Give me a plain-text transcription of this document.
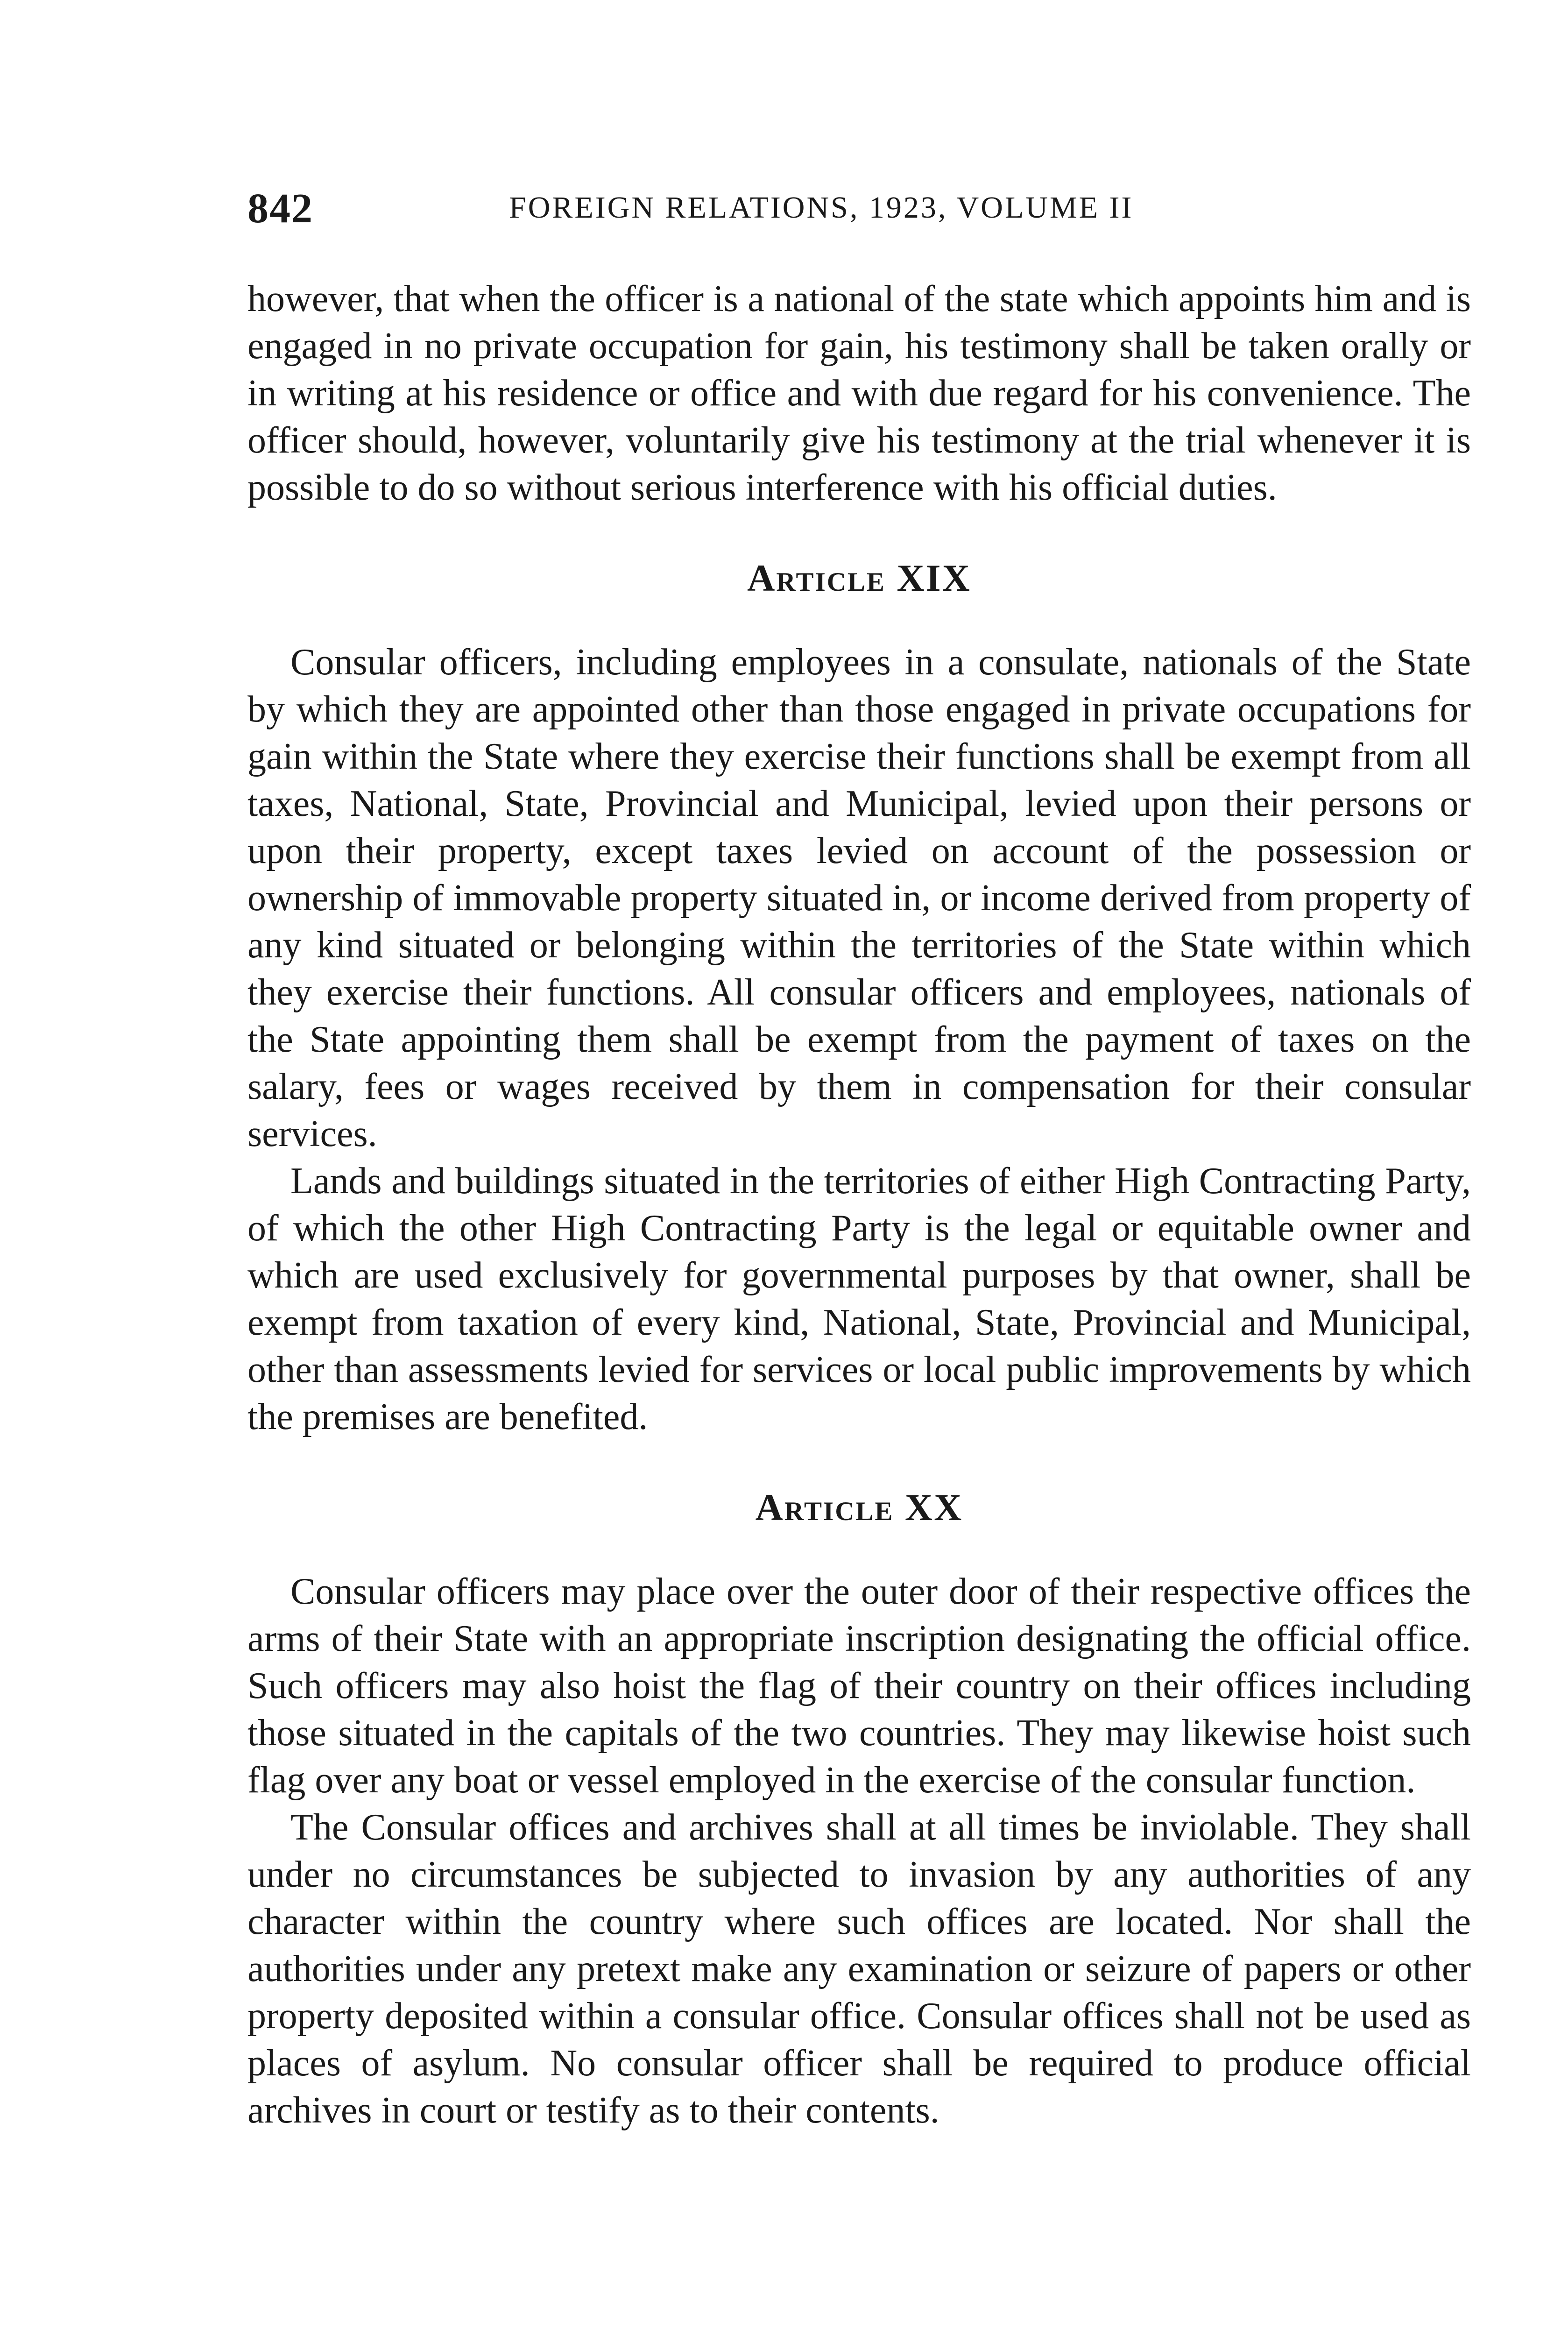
842	FOREIGN RELATIONS, 1923, VOLUME II

however, that when the officer is a national of the state which appoints him and is engaged in no private occupation for gain, his testimony shall be taken orally or in writing at his residence or office and with due regard for his convenience. The officer should, however, voluntarily give his testimony at the trial whenever it is possible to do so without serious interference with his official duties.

Article XIX

Consular officers, including employees in a consulate, nationals of the State by which they are appointed other than those engaged in private occupations for gain within the State where they exercise their functions shall be exempt from all taxes, National, State, Provincial and Municipal, levied upon their persons or upon their property, except taxes levied on account of the possession or ownership of immovable property situated in, or income derived from property of any kind situated or belonging within the territories of the State within which they exercise their functions. All consular officers and employees, nationals of the State appointing them shall be exempt from the payment of taxes on the salary, fees or wages received by them in compensation for their consular services.

Lands and buildings situated in the territories of either High Contracting Party, of which the other High Contracting Party is the legal or equitable owner and which are used exclusively for governmental purposes by that owner, shall be exempt from taxation of every kind, National, State, Provincial and Municipal, other than assessments levied for services or local public improvements by which the premises are benefited.

Article XX

Consular officers may place over the outer door of their respective offices the arms of their State with an appropriate inscription designating the official office. Such officers may also hoist the flag of their country on their offices including those situated in the capitals of the two countries. They may likewise hoist such flag over any boat or vessel employed in the exercise of the consular function.

The Consular offices and archives shall at all times be inviolable. They shall under no circumstances be subjected to invasion by any authorities of any character within the country where such offices are located. Nor shall the authorities under any pretext make any examination or seizure of papers or other property deposited within a consular office. Consular offices shall not be used as places of asylum. No consular officer shall be required to produce official archives in court or testify as to their contents.
